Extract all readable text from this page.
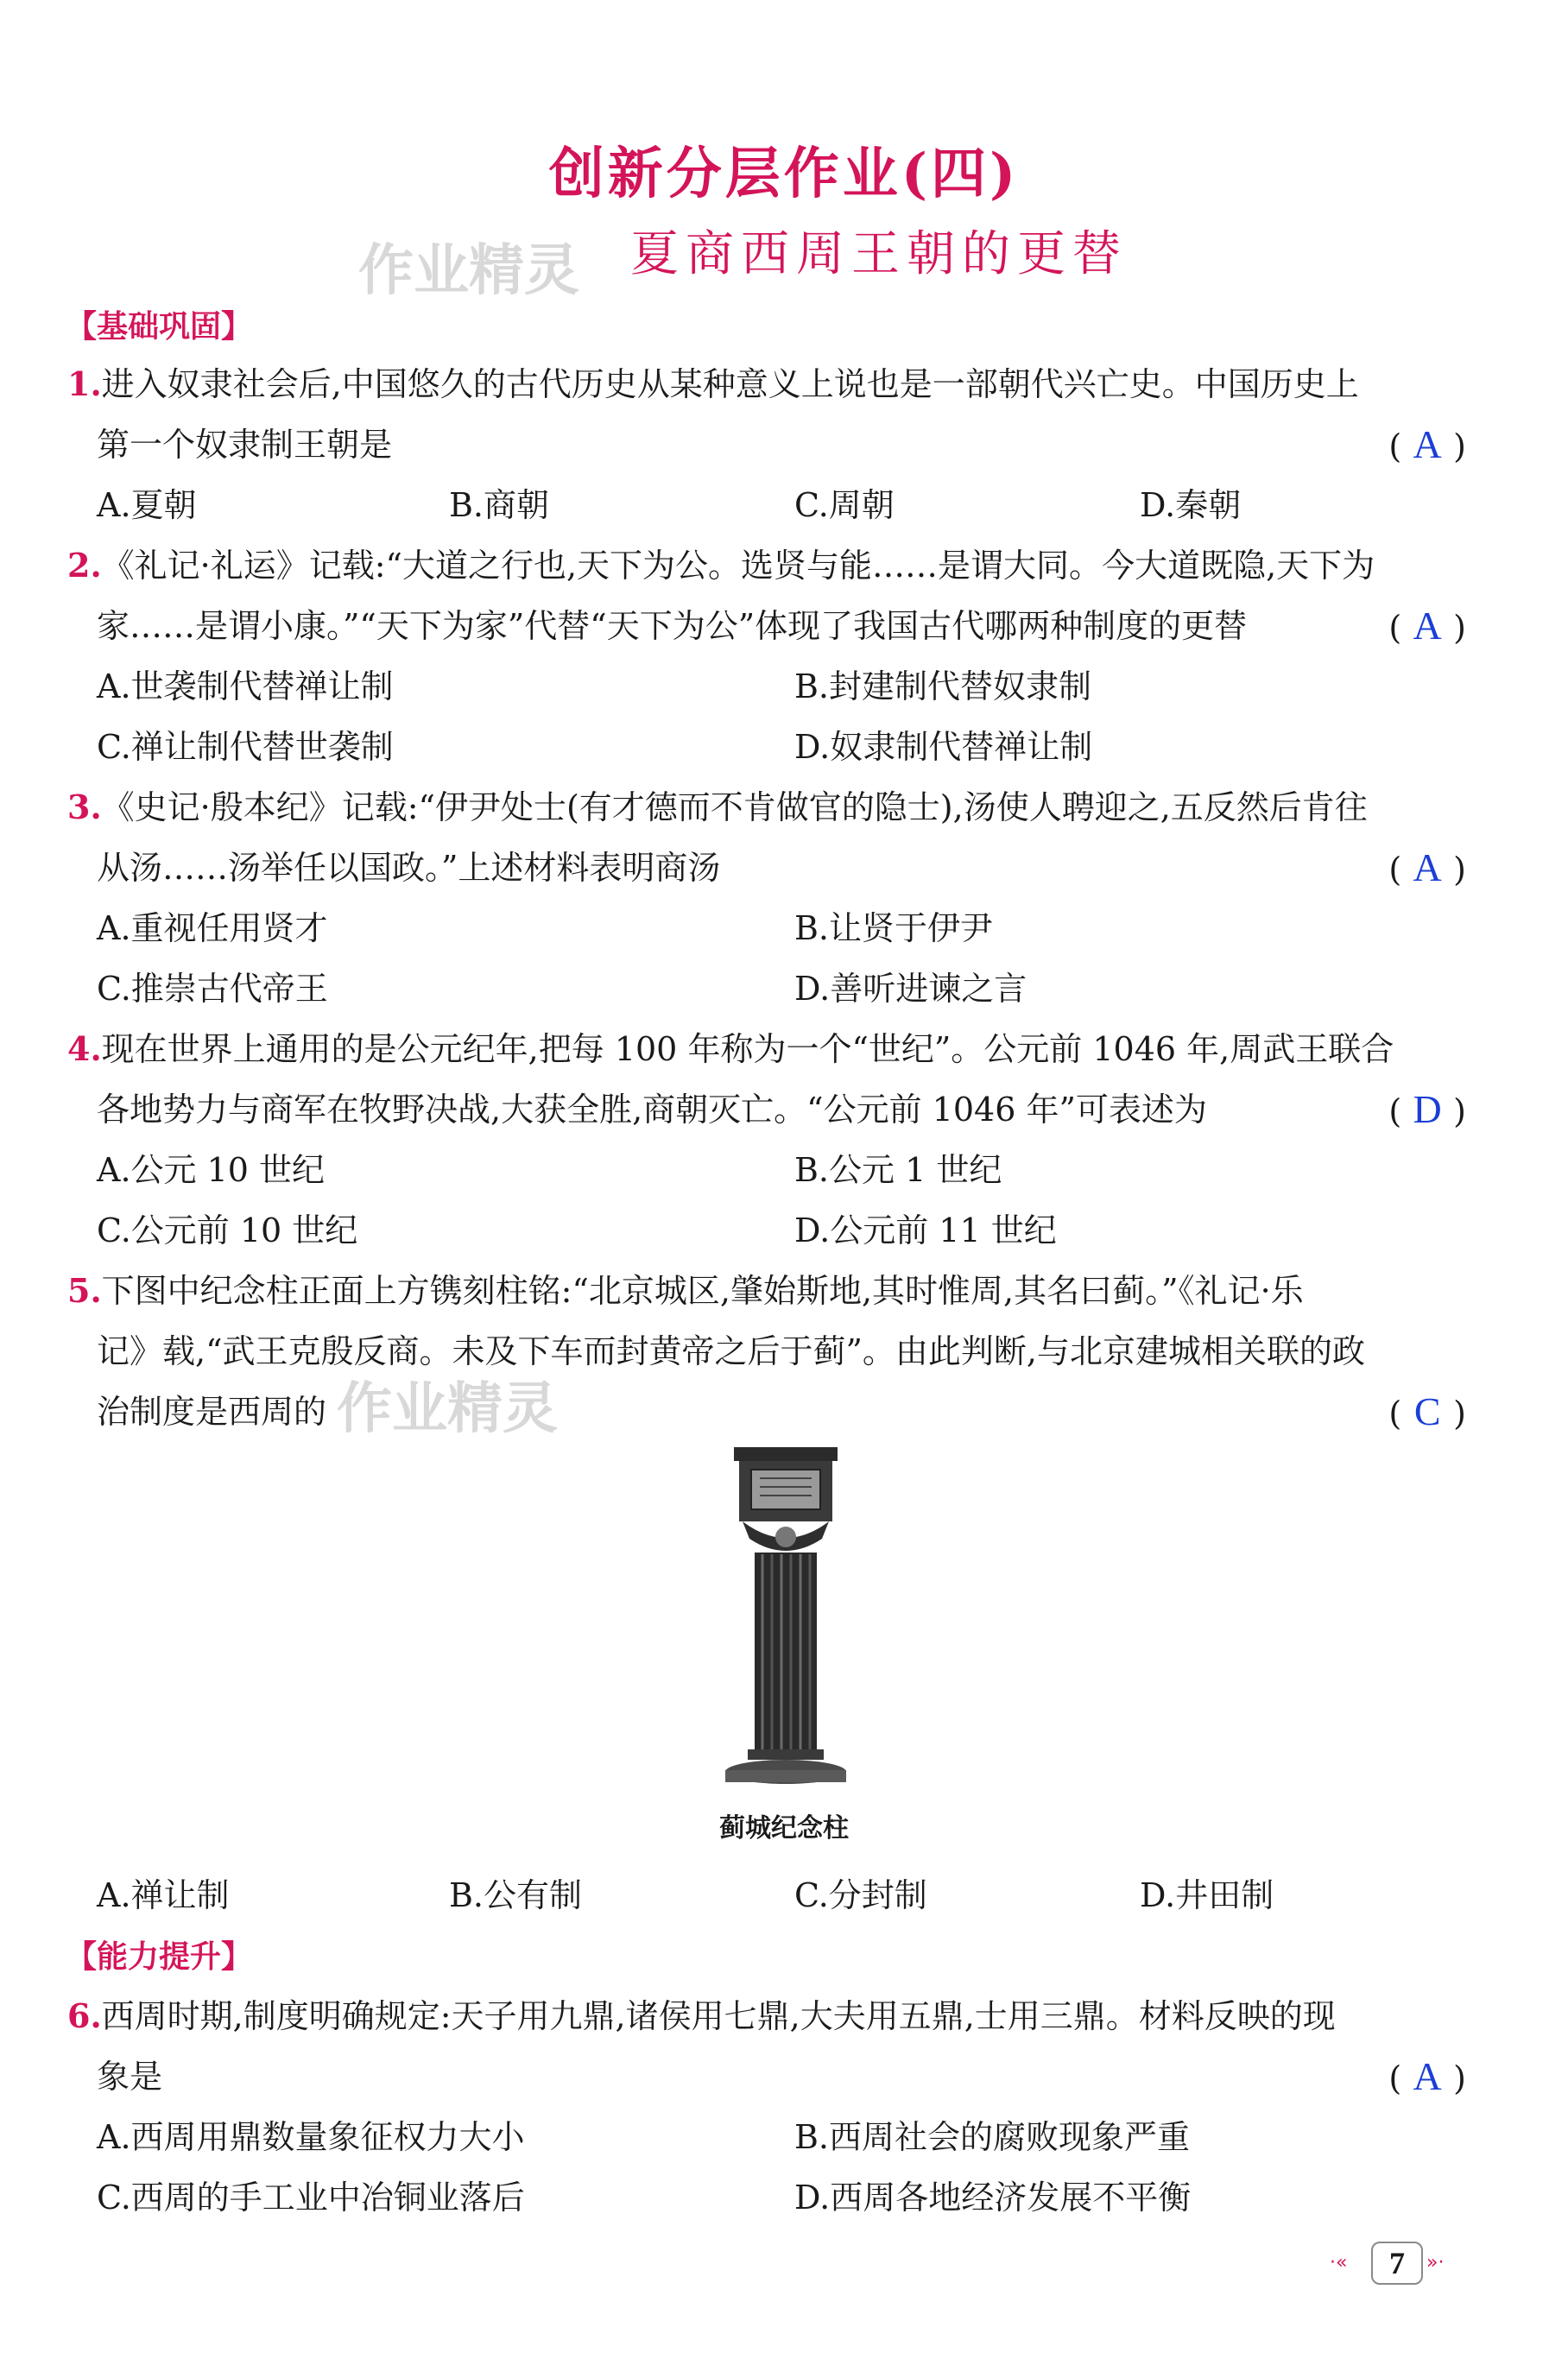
创新分层作业(四)
作业精灵	夏商西周王朝的更替
【基础巩固】
1.进入奴隶社会后,中国悠久的古代历史从某种意义上说也是一部朝代兴亡史。中国历史上
第一个奴隶制王朝是	( A )
A.夏朝	B.商朝	C.周朝	D.秦朝
2.《礼记·礼运》记载:“大道之行也,天下为公。选贤与能……是谓大同。今大道既隐,天下为
家……是谓小康。”“天下为家”代替“天下为公”体现了我国古代哪两种制度的更替	( A )
A.世袭制代替禅让制	B.封建制代替奴隶制
C.禅让制代替世袭制	D.奴隶制代替禅让制
3.《史记·殷本纪》记载:“伊尹处士(有才德而不肯做官的隐士),汤使人聘迎之,五反然后肯往
从汤……汤举任以国政。”上述材料表明商汤	( A )
A.重视任用贤才	B.让贤于伊尹
C.推崇古代帝王	D.善听进谏之言
4.现在世界上通用的是公元纪年,把每 100 年称为一个“世纪”。公元前 1046 年,周武王联合
各地势力与商军在牧野决战,大获全胜,商朝灭亡。“公元前 1046 年”可表述为	( D )
A.公元 10 世纪	B.公元 1 世纪
C.公元前 10 世纪	D.公元前 11 世纪
5.下图中纪念柱正面上方镌刻柱铭:“北京城区,肇始斯地,其时惟周,其名曰蓟。”《礼记·乐
记》载,“武王克殷反商。未及下车而封黄帝之后于蓟”。由此判断,与北京建城相关联的政
治制度是西周的 作业精灵	( C )
蓟城纪念柱
A.禅让制	B.公有制	C.分封制	D.井田制
【能力提升】
6.西周时期,制度明确规定:天子用九鼎,诸侯用七鼎,大夫用五鼎,士用三鼎。材料反映的现
象是	( A )
A.西周用鼎数量象征权力大小	B.西周社会的腐败现象严重
C.西周的手工业中冶铜业落后	D.西周各地经济发展不平衡
·«	7	»·
